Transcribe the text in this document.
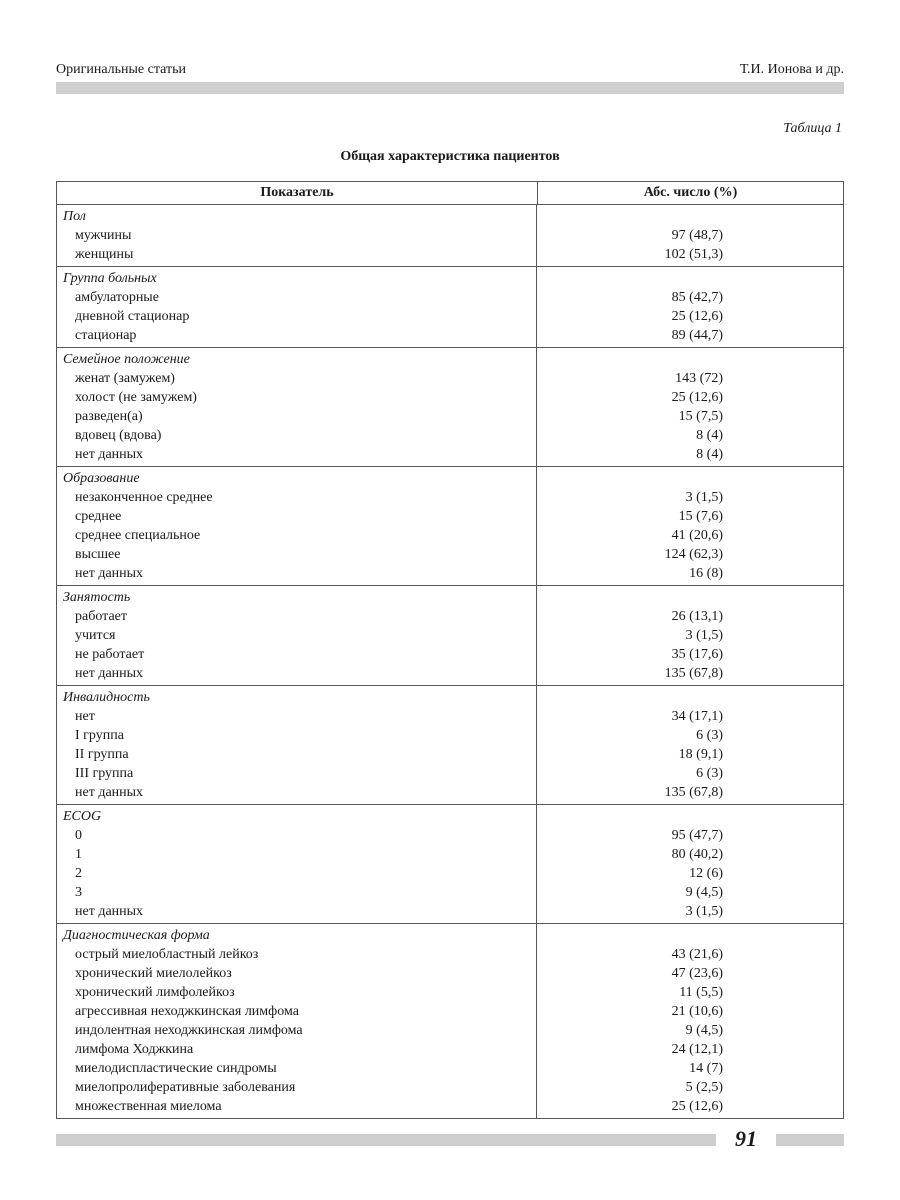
Оригинальные статьи	Т.И. Ионова и др.
Таблица 1
Общая характеристика пациентов
Показатель	Абс. число (%)
Пол
мужчины
женщины
97 (48,7)
102 (51,3)
Группа больных
амбулаторные
дневной стационар
стационар
85 (42,7)
25 (12,6)
89 (44,7)
Семейное положение
женат (замужем)
холост (не замужем)
разведен(а)
вдовец (вдова)
нет данных
143 (72)
25 (12,6)
15 (7,5)
8 (4)
8 (4)
Образование
незаконченное среднее
среднее
среднее специальное
высшее
нет данных
3 (1,5)
15 (7,6)
41 (20,6)
124 (62,3)
16 (8)
Занятость
работает
учится
не работает
нет данных
26 (13,1)
3 (1,5)
35 (17,6)
135 (67,8)
Инвалидность
нет
I группа
II группа
III группа
нет данных
34 (17,1)
6 (3)
18 (9,1)
6 (3)
135 (67,8)
ECOG
0
1
2
3
нет данных
95 (47,7)
80 (40,2)
12 (6)
9 (4,5)
3 (1,5)
Диагностическая форма
острый миелобластный лейкоз
хронический миелолейкоз
хронический лимфолейкоз
агрессивная неходжкинская лимфома
индолентная неходжкинская лимфома
лимфома Ходжкина
миелодиспластические синдромы
миелопролиферативные заболевания
множественная миелома
43 (21,6)
47 (23,6)
11 (5,5)
21 (10,6)
9 (4,5)
24 (12,1)
14 (7)
5 (2,5)
25 (12,6)
91
